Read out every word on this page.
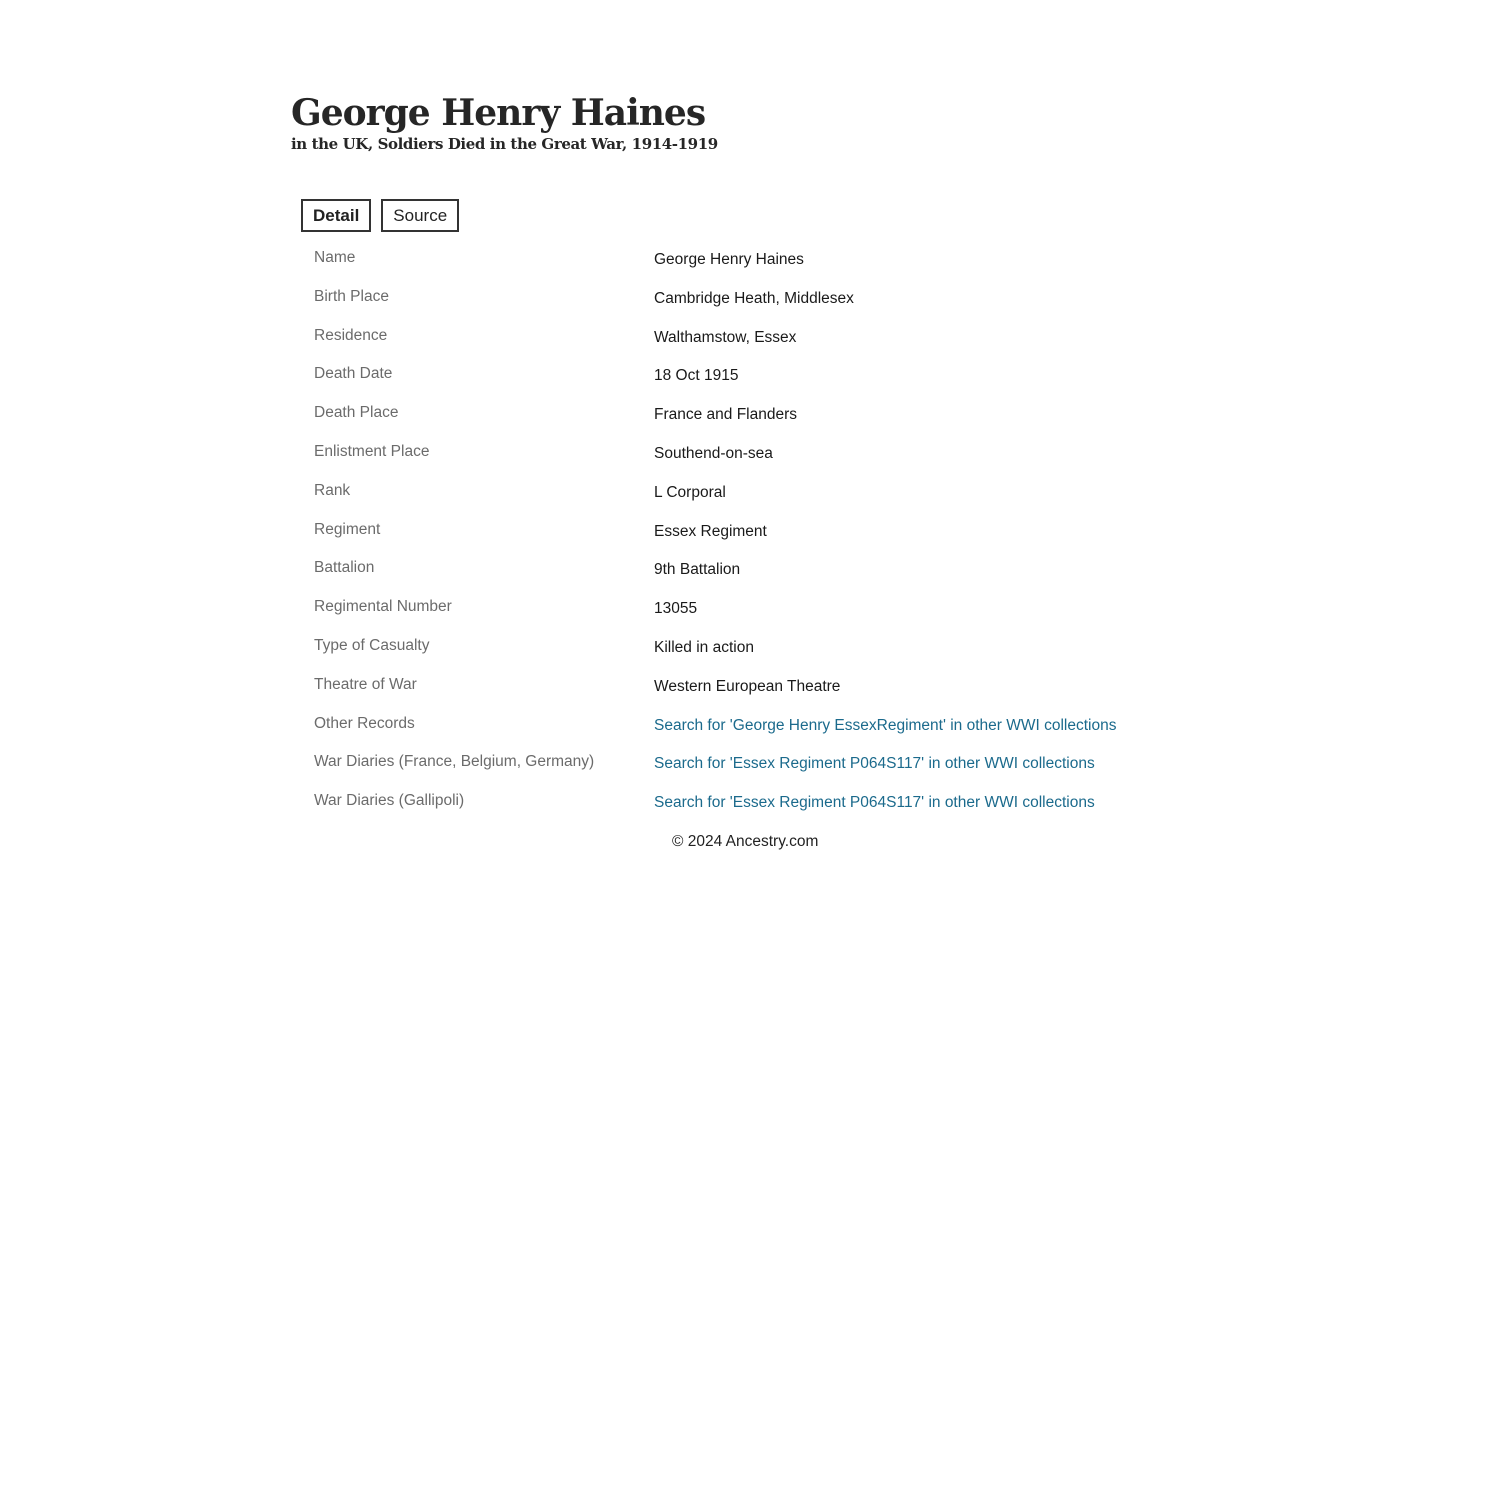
George Henry Haines
in the UK, Soldiers Died in the Great War, 1914-1919
Detail	Source
Name	George Henry Haines
Birth Place	Cambridge Heath, Middlesex
Residence	Walthamstow, Essex
Death Date	18 Oct 1915
Death Place	France and Flanders
Enlistment Place	Southend-on-sea
Rank	L Corporal
Regiment	Essex Regiment
Battalion	9th Battalion
Regimental Number	13055
Type of Casualty	Killed in action
Theatre of War	Western European Theatre
Other Records	Search for 'George Henry EssexRegiment' in other WWI collections
War Diaries (France, Belgium, Germany)	Search for 'Essex Regiment P064S117' in other WWI collections
War Diaries (Gallipoli)	Search for 'Essex Regiment P064S117' in other WWI collections
© 2024 Ancestry.com
